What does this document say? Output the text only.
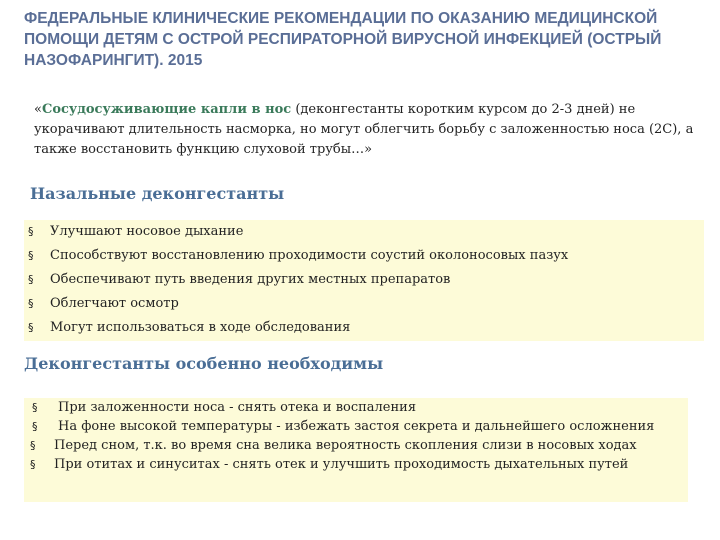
ФЕДЕРАЛЬНЫЕ КЛИНИЧЕСКИЕ РЕКОМЕНДАЦИИ ПО ОКАЗАНИЮ МЕДИЦИНСКОЙ ПОМОЩИ ДЕТЯМ С ОСТРОЙ РЕСПИРАТОРНОЙ ВИРУСНОЙ ИНФЕКЦИЕЙ (ОСТРЫЙ НАЗОФАРИНГИТ). 2015
«Сосудосуживающие капли в нос (деконгестанты коротким курсом до 2-3 дней) не укорачивают длительность насморка, но могут облегчить борьбу с заложенностью носа (2С), а также восстановить функцию слуховой трубы…»
Назальные деконгестанты
§ Улучшают носовое дыхание
§ Способствуют восстановлению проходимости соустий околоносовых пазух
§ Обеспечивают путь введения других местных препаратов
§ Облегчают осмотр
§ Могут использоваться в ходе обследования
Деконгестанты особенно необходимы
§ При заложенности носа - снять отека и воспаления
§ На фоне высокой температуры - избежать застоя секрета и дальнейшего осложнения
§ Перед сном, т.к. во время сна велика вероятность скопления слизи в носовых ходах
§ При отитах и синуситах - снять отек и улучшить проходимость дыхательных путей
